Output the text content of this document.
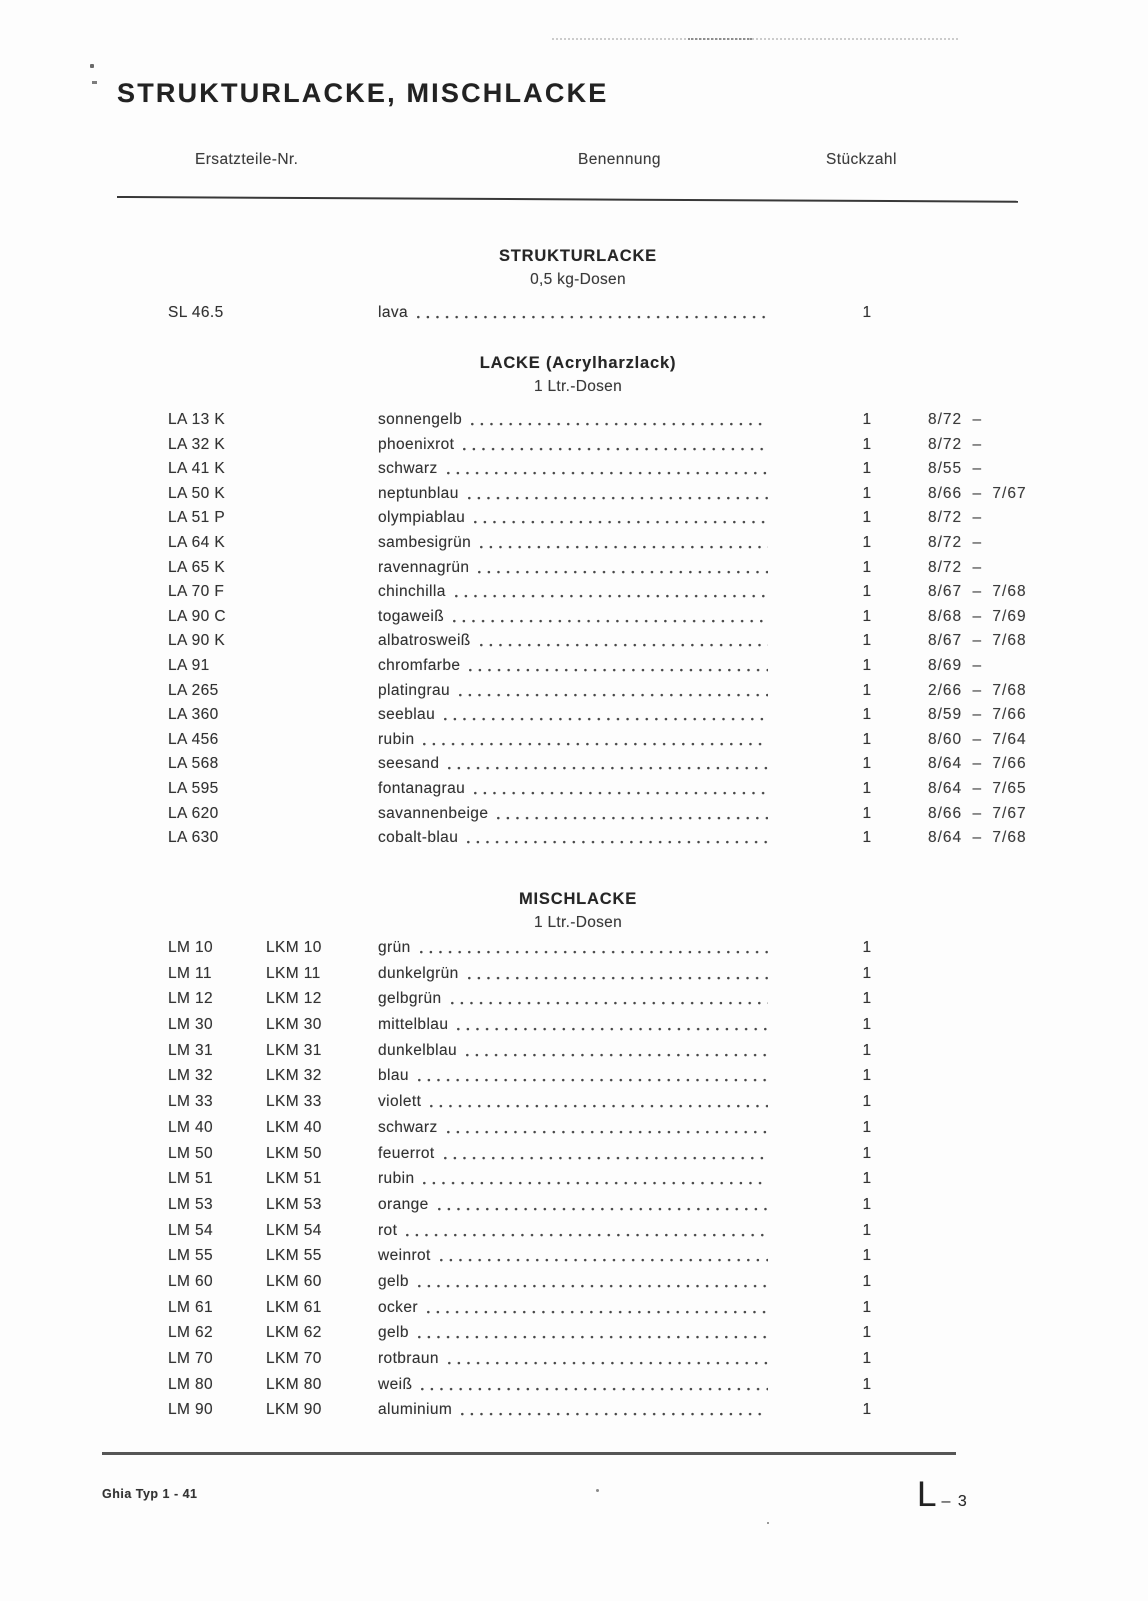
STRUKTURLACKE, MISCHLACKE
Ersatzteile-Nr.	Benennung	Stückzahl
STRUKTURLACKE
0,5 kg-Dosen
SL 46.5	lava	1
LACKE (Acrylharzlack)
1 Ltr.-Dosen
LA 13 K	sonnengelb	1	8/72 –
LA 32 K	phoenixrot	1	8/72 –
LA 41 K	schwarz	1	8/55 –
LA 50 K	neptunblau	1	8/66 – 7/67
LA 51 P	olympiablau	1	8/72 –
LA 64 K	sambesigrün	1	8/72 –
LA 65 K	ravennagrün	1	8/72 –
LA 70 F	chinchilla	1	8/67 – 7/68
LA 90 C	togaweiß	1	8/68 – 7/69
LA 90 K	albatrosweiß	1	8/67 – 7/68
LA 91	chromfarbe	1	8/69 –
LA 265	platingrau	1	2/66 – 7/68
LA 360	seeblau	1	8/59 – 7/66
LA 456	rubin	1	8/60 – 7/64
LA 568	seesand	1	8/64 – 7/66
LA 595	fontanagrau	1	8/64 – 7/65
LA 620	savannenbeige	1	8/66 – 7/67
LA 630	cobalt-blau	1	8/64 – 7/68
MISCHLACKE
1 Ltr.-Dosen
LM 10	LKM 10	grün	1
LM 11	LKM 11	dunkelgrün	1
LM 12	LKM 12	gelbgrün	1
LM 30	LKM 30	mittelblau	1
LM 31	LKM 31	dunkelblau	1
LM 32	LKM 32	blau	1
LM 33	LKM 33	violett	1
LM 40	LKM 40	schwarz	1
LM 50	LKM 50	feuerrot	1
LM 51	LKM 51	rubin	1
LM 53	LKM 53	orange	1
LM 54	LKM 54	rot	1
LM 55	LKM 55	weinrot	1
LM 60	LKM 60	gelb	1
LM 61	LKM 61	ocker	1
LM 62	LKM 62	gelb	1
LM 70	LKM 70	rotbraun	1
LM 80	LKM 80	weiß	1
LM 90	LKM 90	aluminium	1
Ghia Typ 1 - 41	L – 3
